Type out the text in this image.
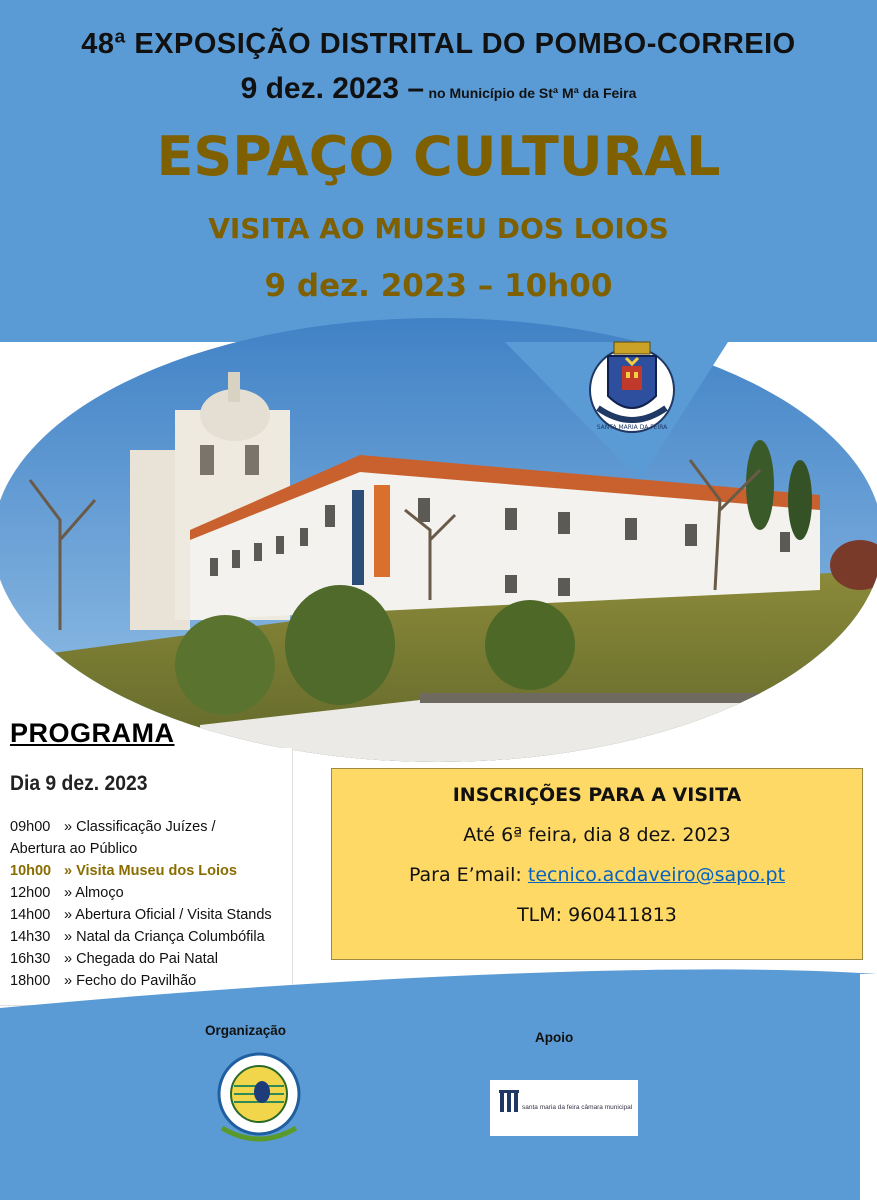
48ª EXPOSIÇÃO DISTRITAL DO POMBO-CORREIO
9 dez. 2023 – no Município de Stª Mª da Feira
ESPAÇO CULTURAL
VISITA AO MUSEU DOS LOIOS
9 dez. 2023 – 10h00
SANTA MARIA DA FEIRA
PROGRAMA
Dia 9 dez. 2023
09h00 » Classificação Juízes /
Abertura ao Público
10h00 » Visita Museu dos Loios
12h00 » Almoço
14h00 » Abertura Oficial / Visita Stands
14h30 » Natal da Criança Columbófila
16h30 » Chegada do Pai Natal
18h00 » Fecho do Pavilhão
INSCRIÇÕES PARA A VISITA
Até 6ª feira, dia 8 dez. 2023
Para E’mail: tecnico.acdaveiro@sapo.pt
TLM: 960411813
Organização	Apoio
santa maria da feira câmara municipal
